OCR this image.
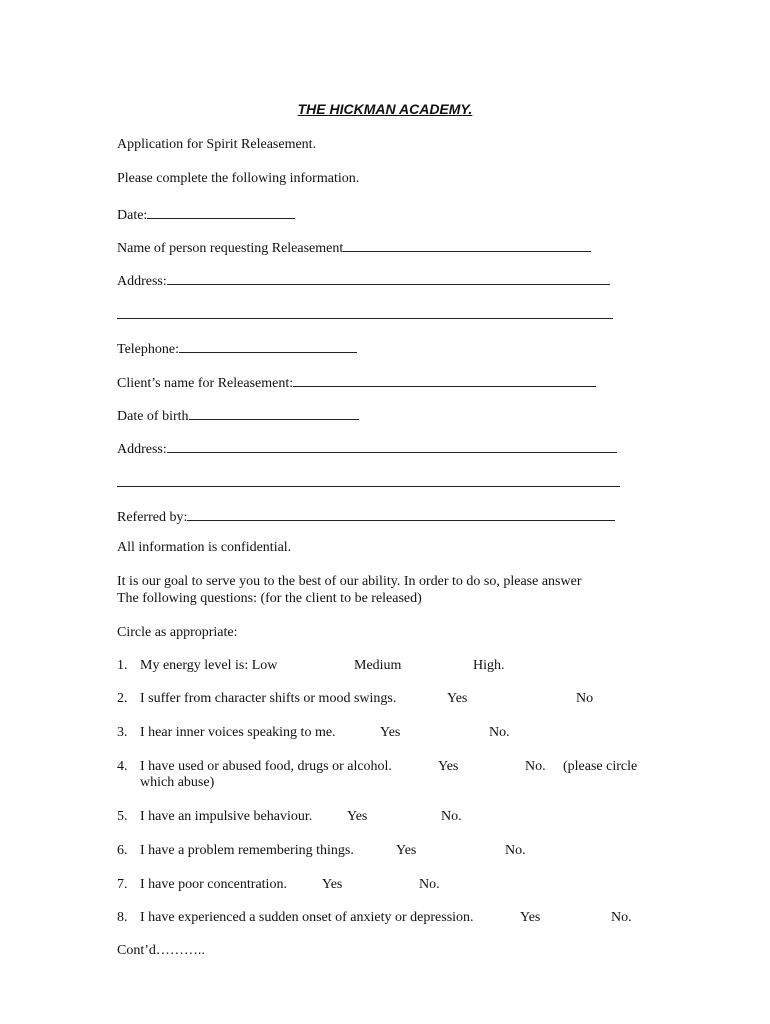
THE HICKMAN ACADEMY.
Application for Spirit Releasement.
Please complete the following information.
Date:
Name of person requesting Releasement
Address:
Telephone:
Client’s name for Releasement:
Date of birth
Address:
Referred by:
All information is confidential.
It is our goal to serve you to the best of our ability. In order to do so, please answer
The following questions: (for the client to be released)
Circle as appropriate:
1. My energy level is: Low	Medium	High.
2. I suffer from character shifts or mood swings.	Yes	No
3. I hear inner voices speaking to me.	Yes	No.
4. I have used or abused food, drugs or alcohol.	Yes	No. (please circle
which abuse)
5. I have an impulsive behaviour. Yes	No.
6. I have a problem remembering things.	Yes	No.
7. I have poor concentration.	Yes	No.
8. I have experienced a sudden onset of anxiety or depression.	Yes	No.
Cont’d………..
